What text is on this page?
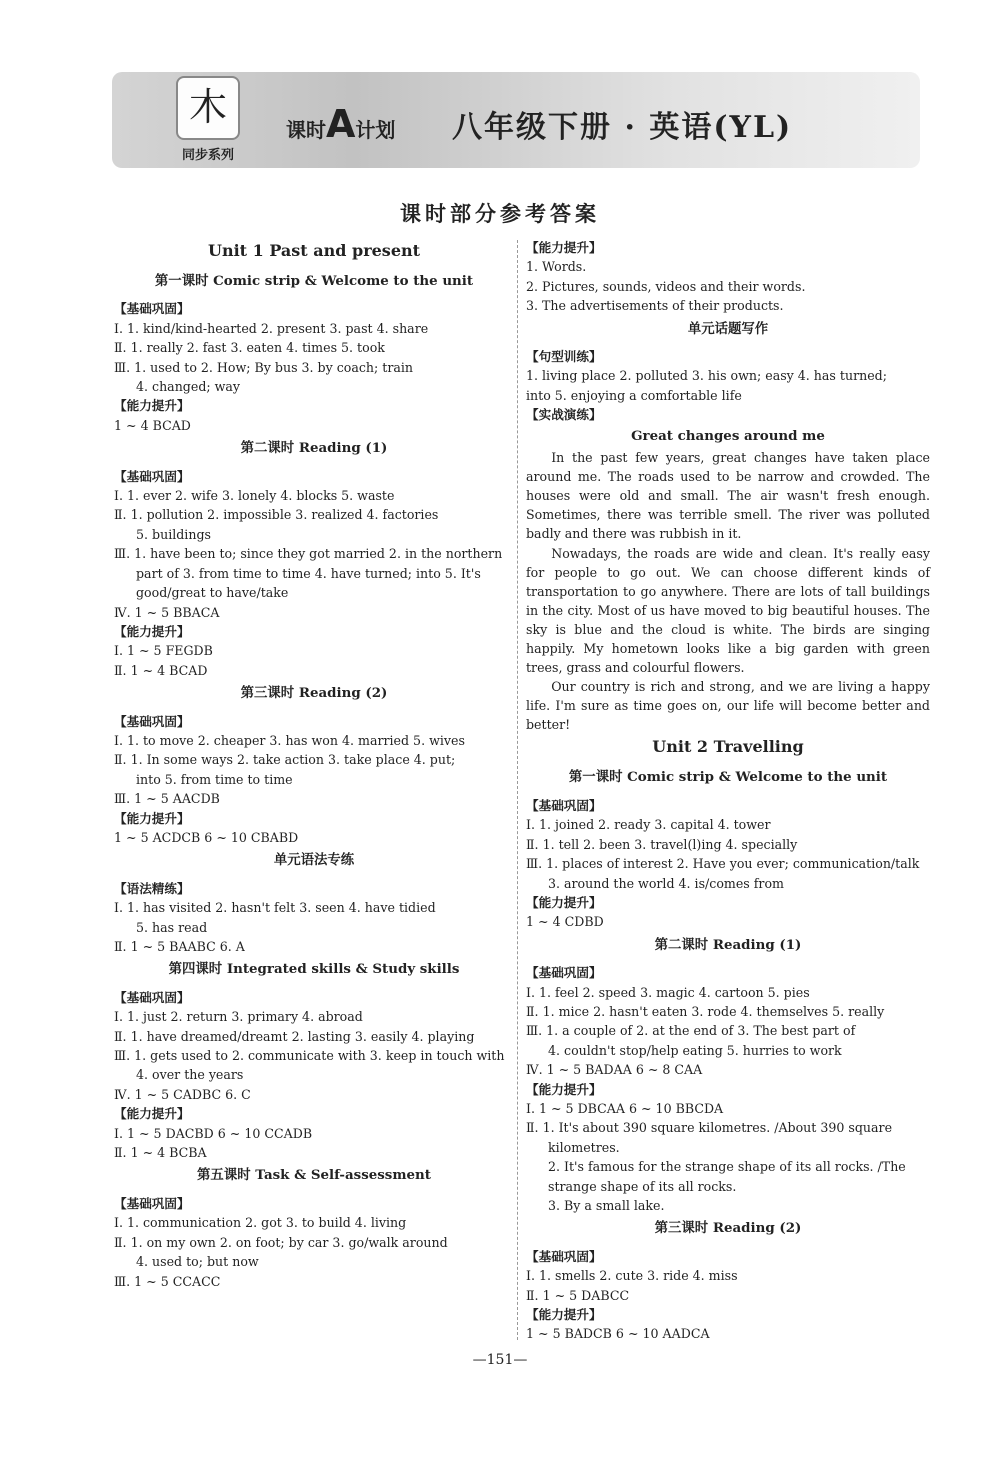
木
同步系列
课时A计划 八年级下册 · 英语(YL)
课时部分参考答案
Unit 1 Past and present
第一课时 Comic strip & Welcome to the unit
【基础巩固】
Ⅰ. 1. kind/kind-hearted 2. present 3. past 4. share
Ⅱ. 1. really 2. fast 3. eaten 4. times 5. took
Ⅲ. 1. used to 2. How; By bus 3. by coach; train
4. changed; way
【能力提升】
1 ~ 4 BCAD
第二课时 Reading (1)
【基础巩固】
Ⅰ. 1. ever 2. wife 3. lonely 4. blocks 5. waste
Ⅱ. 1. pollution 2. impossible 3. realized 4. factories
5. buildings
Ⅲ. 1. have been to; since they got married 2. in the northern
part of 3. from time to time 4. have turned; into 5. It's
good/great to have/take
Ⅳ. 1 ~ 5 BBACA
【能力提升】
Ⅰ. 1 ~ 5 FEGDB
Ⅱ. 1 ~ 4 BCAD
第三课时 Reading (2)
【基础巩固】
Ⅰ. 1. to move 2. cheaper 3. has won 4. married 5. wives
Ⅱ. 1. In some ways 2. take action 3. take place 4. put;
into 5. from time to time
Ⅲ. 1 ~ 5 AACDB
【能力提升】
1 ~ 5 ACDCB 6 ~ 10 CBABD
单元语法专练
【语法精练】
Ⅰ. 1. has visited 2. hasn't felt 3. seen 4. have tidied
5. has read
Ⅱ. 1 ~ 5 BAABC 6. A
第四课时 Integrated skills & Study skills
【基础巩固】
Ⅰ. 1. just 2. return 3. primary 4. abroad
Ⅱ. 1. have dreamed/dreamt 2. lasting 3. easily 4. playing
Ⅲ. 1. gets used to 2. communicate with 3. keep in touch with
4. over the years
Ⅳ. 1 ~ 5 CADBC 6. C
【能力提升】
Ⅰ. 1 ~ 5 DACBD 6 ~ 10 CCADB
Ⅱ. 1 ~ 4 BCBA
第五课时 Task & Self-assessment
【基础巩固】
Ⅰ. 1. communication 2. got 3. to build 4. living
Ⅱ. 1. on my own 2. on foot; by car 3. go/walk around
4. used to; but now
Ⅲ. 1 ~ 5 CCACC
【能力提升】
1. Words.
2. Pictures, sounds, videos and their words.
3. The advertisements of their products.
单元话题写作
【句型训练】
1. living place 2. polluted 3. his own; easy 4. has turned;
into 5. enjoying a comfortable life
【实战演练】
Great changes around me
In the past few years, great changes have taken place around me. The roads used to be narrow and crowded. The houses were old and small. The air wasn't fresh enough. Sometimes, there was terrible smell. The river was polluted badly and there was rubbish in it.
Nowadays, the roads are wide and clean. It's really easy for people to go out. We can choose different kinds of transportation to go anywhere. There are lots of tall buildings in the city. Most of us have moved to big beautiful houses. The sky is blue and the cloud is white. The birds are singing happily. My hometown looks like a big garden with green trees, grass and colourful flowers.
Our country is rich and strong, and we are living a happy life. I'm sure as time goes on, our life will become better and better!
Unit 2 Travelling
第一课时 Comic strip & Welcome to the unit
【基础巩固】
Ⅰ. 1. joined 2. ready 3. capital 4. tower
Ⅱ. 1. tell 2. been 3. travel(l)ing 4. specially
Ⅲ. 1. places of interest 2. Have you ever; communication/talk
3. around the world 4. is/comes from
【能力提升】
1 ~ 4 CDBD
第二课时 Reading (1)
【基础巩固】
Ⅰ. 1. feel 2. speed 3. magic 4. cartoon 5. pies
Ⅱ. 1. mice 2. hasn't eaten 3. rode 4. themselves 5. really
Ⅲ. 1. a couple of 2. at the end of 3. The best part of
4. couldn't stop/help eating 5. hurries to work
Ⅳ. 1 ~ 5 BADAA 6 ~ 8 CAA
【能力提升】
Ⅰ. 1 ~ 5 DBCAA 6 ~ 10 BBCDA
Ⅱ. 1. It's about 390 square kilometres. /About 390 square
kilometres.
2. It's famous for the strange shape of its all rocks. /The
strange shape of its all rocks.
3. By a small lake.
第三课时 Reading (2)
【基础巩固】
Ⅰ. 1. smells 2. cute 3. ride 4. miss
Ⅱ. 1 ~ 5 DABCC
【能力提升】
1 ~ 5 BADCB 6 ~ 10 AADCA
—151—
